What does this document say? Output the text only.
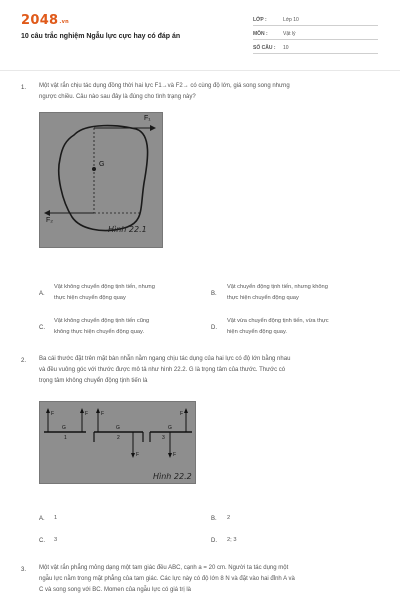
2048.vn
10 câu trắc nghiệm Ngẫu lực cực hay có đáp án
LỚP :	Lớp 10
MÔN :	Vật lý
SỐ CÂU : 10
1. Một vật rắn chịu tác dụng đồng thời hai lực F1→và F2→ có cùng độ lớn, giá song song nhưng
ngược chiều. Câu nào sau đây là đúng cho tình trạng này?
G
F₁
F₂
Hình 22.1
A.
Vật không chuyển động tịnh tiến, nhưng
thực hiện chuyển động quay
B.
Vật chuyển động tịnh tiến, nhưng không
thực hiện chuyển động quay
C.
Vật không chuyển động tịnh tiến cũng
không thực hiện chuyển động quay.
D.
Vật vừa chuyển động tịnh tiến, vừa thực
hiện chuyển động quay.
2. Ba cái thước đặt trên mặt bàn nhẵn nằm ngang chịu tác dụng của hai lực có độ lớn bằng nhau
và đều vuông góc với thước được mô tả như hình 22.2. G là trọng tâm của thước. Thước có
trọng tâm không chuyển động tịnh tiến là
F	F	F
F
F
F
G	G	G
1	2	3
Hình 22.2
A. 1	B. 2
C. 3	D. 2; 3
3. Một vật rắn phẳng mỏng dạng một tam giác đều ABC, cạnh a = 20 cm. Người ta tác dụng một
ngẫu lực nằm trong mặt phẳng của tam giác. Các lực này có độ lớn 8 N và đặt vào hai đỉnh A và
C và song song với BC. Momen của ngẫu lực có giá trị là
